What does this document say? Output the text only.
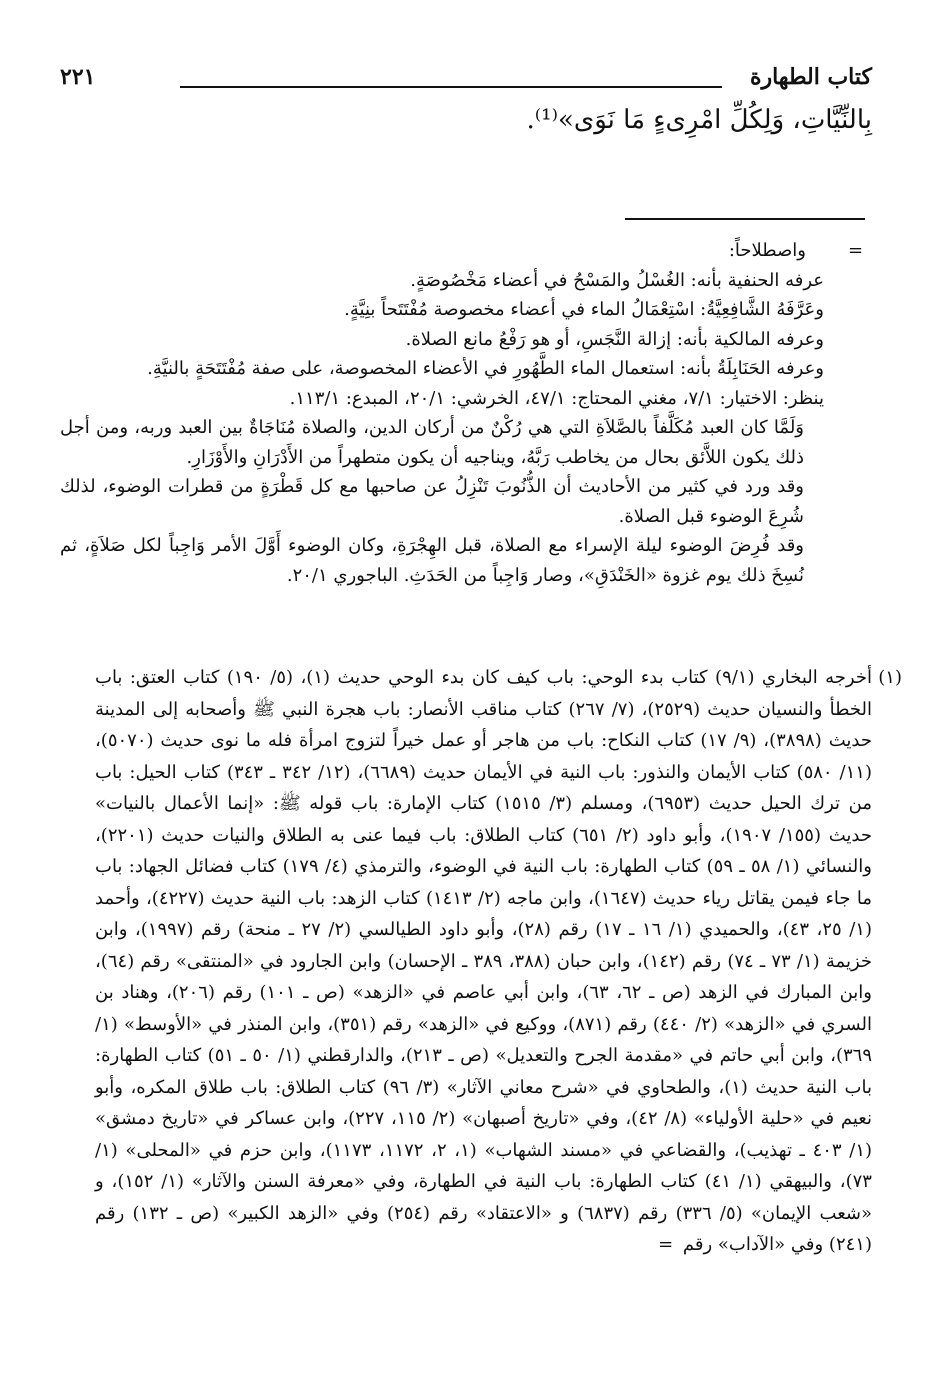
كتاب الطهارة
٢٢١
بِالنِّيَّاتِ، وَلِكُلِّ امْرِىءٍ مَا نَوَى»⁽¹⁾.
=

واصطلاحاً:

عرفه الحنفية بأنه: الغُسْلُ والمَسْحُ في أعضاء مَخْصُوصَةٍ.

وعَرَّفَهُ الشَّافِعِيَّةُ: اسْتِعْمَالُ الماء في أعضاء مخصوصة مُفْتَتَحاً بنِيَّةٍ.

وعرفه المالكية بأنه: إزالة النَّجَسِ، أو هو رَفْعُ مانع الصلاة.

وعرفه الحَنَابِلَةُ بأنه: استعمال الماء الطَّهُورِ في الأعضاء المخصوصة، على صفة مُفْتَتَحَةٍ بالنيَّةِ.

ينظر: الاختيار: ٧/١، مغني المحتاج: ٤٧/١، الخرشي: ٢٠/١، المبدع: ١١٣/١.

وَلَمَّا كان العبد مُكَلَّفاً بالصَّلاَةِ التي هي رُكْنٌ من أركان الدين، والصلاة مُنَاجَاةٌ بين العبد وربه، ومن أجل ذلك يكون اللاَّئق بحال من يخاطب رَبَّهُ، ويناجيه أن يكون متطهراً من الأَدْرَانِ والأَوْزَارِ.

وقد ورد في كثير من الأحاديث أن الذُّنُوبَ تَنْزِلُ عن صاحبها مع كل قَطْرَةٍ من قطرات الوضوء، لذلك شُرِعَ الوضوء قبل الصلاة.

وقد فُرِضَ الوضوء ليلة الإسراء مع الصلاة، قبل الهِجْرَةِ، وكان الوضوء أَوَّلَ الأمر وَاجِباً لكل صَلاَةٍ، ثم نُسِخَ ذلك يوم غزوة «الخَنْدَقِ»، وصار وَاجِباً من الحَدَثِ. الباجوري ٢٠/١.

(١)
أخرجه البخاري (٩/١) كتاب بدء الوحي: باب كيف كان بدء الوحي حديث (١)، (٥/ ١٩٠) كتاب العتق: باب الخطأ والنسيان حديث (٢٥٢٩)، (٧/ ٢٦٧) كتاب مناقب الأنصار: باب هجرة النبي ﷺ وأصحابه إلى المدينة حديث (٣٨٩٨)، (٩/ ١٧) كتاب النكاح: باب من هاجر أو عمل خيراً لتزوج امرأة فله ما نوى حديث (٥٠٧٠)، (١١/ ٥٨٠) كتاب الأيمان والنذور: باب النية في الأيمان حديث (٦٦٨٩)، (١٢/ ٣٤٢ ـ ٣٤٣) كتاب الحيل: باب من ترك الحيل حديث (٦٩٥٣)، ومسلم (٣/ ١٥١٥) كتاب الإمارة: باب قوله ﷺ: «إنما الأعمال بالنيات» حديث (١٥٥/ ١٩٠٧)، وأبو داود (٢/ ٦٥١) كتاب الطلاق: باب فيما عنى به الطلاق والنيات حديث (٢٢٠١)، والنسائي (١/ ٥٨ ـ ٥٩) كتاب الطهارة: باب النية في الوضوء، والترمذي (٤/ ١٧٩) كتاب فضائل الجهاد: باب ما جاء فيمن يقاتل رياء حديث (١٦٤٧)، وابن ماجه (٢/ ١٤١٣) كتاب الزهد: باب النية حديث (٤٢٢٧)، وأحمد (١/ ٢٥، ٤٣)، والحميدي (١/ ١٦ ـ ١٧) رقم (٢٨)، وأبو داود الطيالسي (٢/ ٢٧ ـ منحة) رقم (١٩٩٧)، وابن خزيمة (١/ ٧٣ ـ ٧٤) رقم (١٤٢)، وابن حبان (٣٨٨، ٣٨٩ ـ الإحسان) وابن الجارود في «المنتقى» رقم (٦٤)، وابن المبارك في الزهد (ص ـ ٦٢، ٦٣)، وابن أبي عاصم في «الزهد» (ص ـ ١٠١) رقم (٢٠٦)، وهناد بن السري في «الزهد» (٢/ ٤٤٠) رقم (٨٧١)، ووكيع في «الزهد» رقم (٣٥١)، وابن المنذر في «الأوسط» (١/ ٣٦٩)، وابن أبي حاتم في «مقدمة الجرح والتعديل» (ص ـ ٢١٣)، والدارقطني (١/ ٥٠ ـ ٥١) كتاب الطهارة: باب النية حديث (١)، والطحاوي في «شرح معاني الآثار» (٣/ ٩٦) كتاب الطلاق: باب طلاق المكره، وأبو نعيم في «حلية الأولياء» (٨/ ٤٢)، وفي «تاريخ أصبهان» (٢/ ١١٥، ٢٢٧)، وابن عساكر في «تاريخ دمشق» (١/ ٤٠٣ ـ تهذيب)، والقضاعي في «مسند الشهاب» (١، ٢، ١١٧٢، ١١٧٣)، وابن حزم في «المحلى» (١/ ٧٣)، والبيهقي (١/ ٤١) كتاب الطهارة: باب النية في الطهارة، وفي «معرفة السنن والآثار» (١/ ١٥٢)، و «شعب الإيمان» (٥/ ٣٣٦) رقم (٦٨٣٧) و «الاعتقاد» رقم (٢٥٤) وفي «الزهد الكبير» (ص ـ ١٣٢) رقم (٢٤١) وفي «الآداب» رقم =
